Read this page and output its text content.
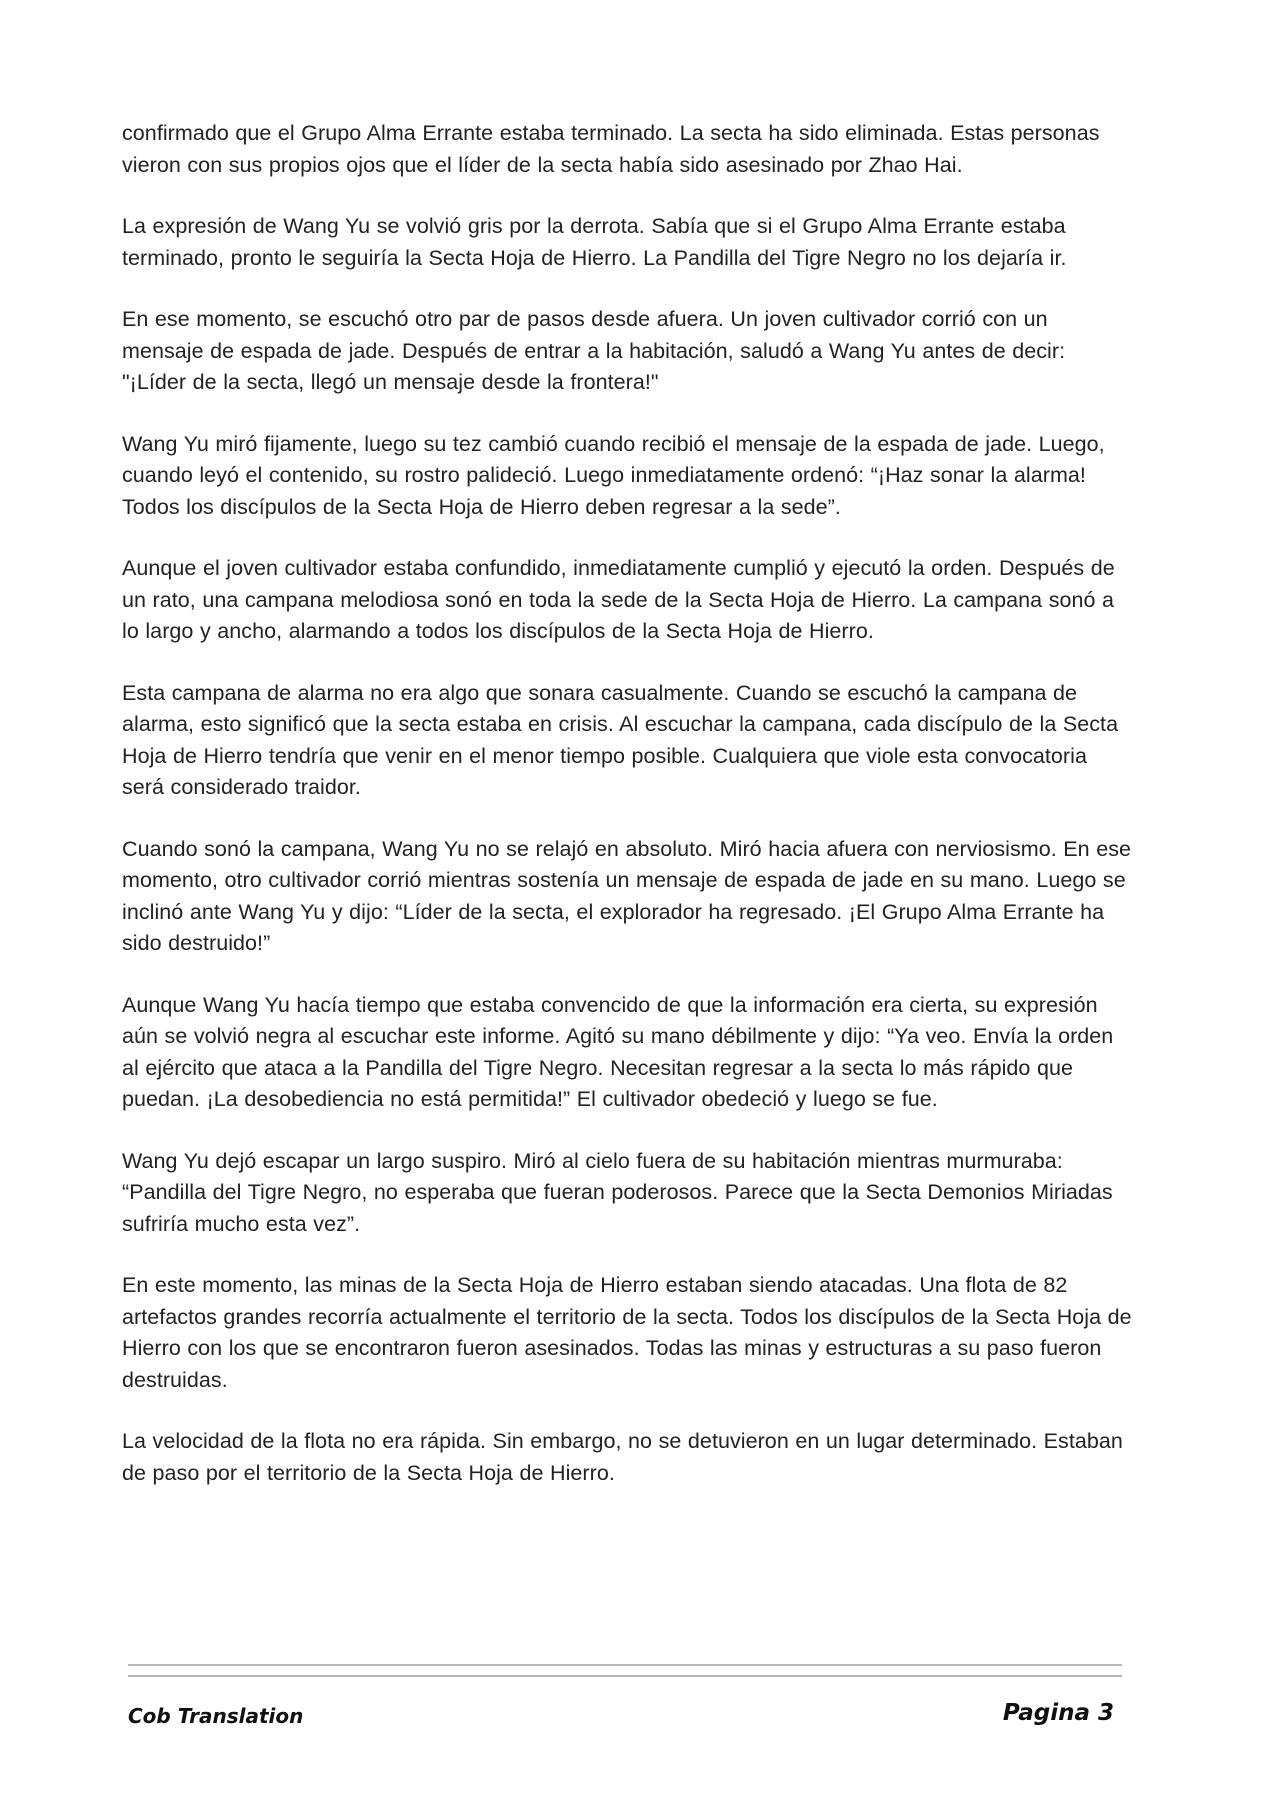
confirmado que el Grupo Alma Errante estaba terminado. La secta ha sido eliminada. Estas personas vieron con sus propios ojos que el líder de la secta había sido asesinado por Zhao Hai.

La expresión de Wang Yu se volvió gris por la derrota. Sabía que si el Grupo Alma Errante estaba terminado, pronto le seguiría la Secta Hoja de Hierro. La Pandilla del Tigre Negro no los dejaría ir.

En ese momento, se escuchó otro par de pasos desde afuera. Un joven cultivador corrió con un mensaje de espada de jade. Después de entrar a la habitación, saludó a Wang Yu antes de decir: "¡Líder de la secta, llegó un mensaje desde la frontera!"

Wang Yu miró fijamente, luego su tez cambió cuando recibió el mensaje de la espada de jade. Luego, cuando leyó el contenido, su rostro palideció. Luego inmediatamente ordenó: “¡Haz sonar la alarma! Todos los discípulos de la Secta Hoja de Hierro deben regresar a la sede”.

Aunque el joven cultivador estaba confundido, inmediatamente cumplió y ejecutó la orden. Después de un rato, una campana melodiosa sonó en toda la sede de la Secta Hoja de Hierro. La campana sonó a lo largo y ancho, alarmando a todos los discípulos de la Secta Hoja de Hierro.

Esta campana de alarma no era algo que sonara casualmente. Cuando se escuchó la campana de alarma, esto significó que la secta estaba en crisis. Al escuchar la campana, cada discípulo de la Secta Hoja de Hierro tendría que venir en el menor tiempo posible. Cualquiera que viole esta convocatoria será considerado traidor.

Cuando sonó la campana, Wang Yu no se relajó en absoluto. Miró hacia afuera con nerviosismo. En ese momento, otro cultivador corrió mientras sostenía un mensaje de espada de jade en su mano. Luego se inclinó ante Wang Yu y dijo: “Líder de la secta, el explorador ha regresado. ¡El Grupo Alma Errante ha sido destruido!”

Aunque Wang Yu hacía tiempo que estaba convencido de que la información era cierta, su expresión aún se volvió negra al escuchar este informe. Agitó su mano débilmente y dijo: “Ya veo. Envía la orden al ejército que ataca a la Pandilla del Tigre Negro. Necesitan regresar a la secta lo más rápido que puedan. ¡La desobediencia no está permitida!” El cultivador obedeció y luego se fue.

Wang Yu dejó escapar un largo suspiro. Miró al cielo fuera de su habitación mientras murmuraba: “Pandilla del Tigre Negro, no esperaba que fueran poderosos. Parece que la Secta Demonios Miriadas sufriría mucho esta vez”.

En este momento, las minas de la Secta Hoja de Hierro estaban siendo atacadas. Una flota de 82 artefactos grandes recorría actualmente el territorio de la secta. Todos los discípulos de la Secta Hoja de Hierro con los que se encontraron fueron asesinados. Todas las minas y estructuras a su paso fueron destruidas.

La velocidad de la flota no era rápida. Sin embargo, no se detuvieron en un lugar determinado. Estaban de paso por el territorio de la Secta Hoja de Hierro.

Cob Translation	Pagina 3
